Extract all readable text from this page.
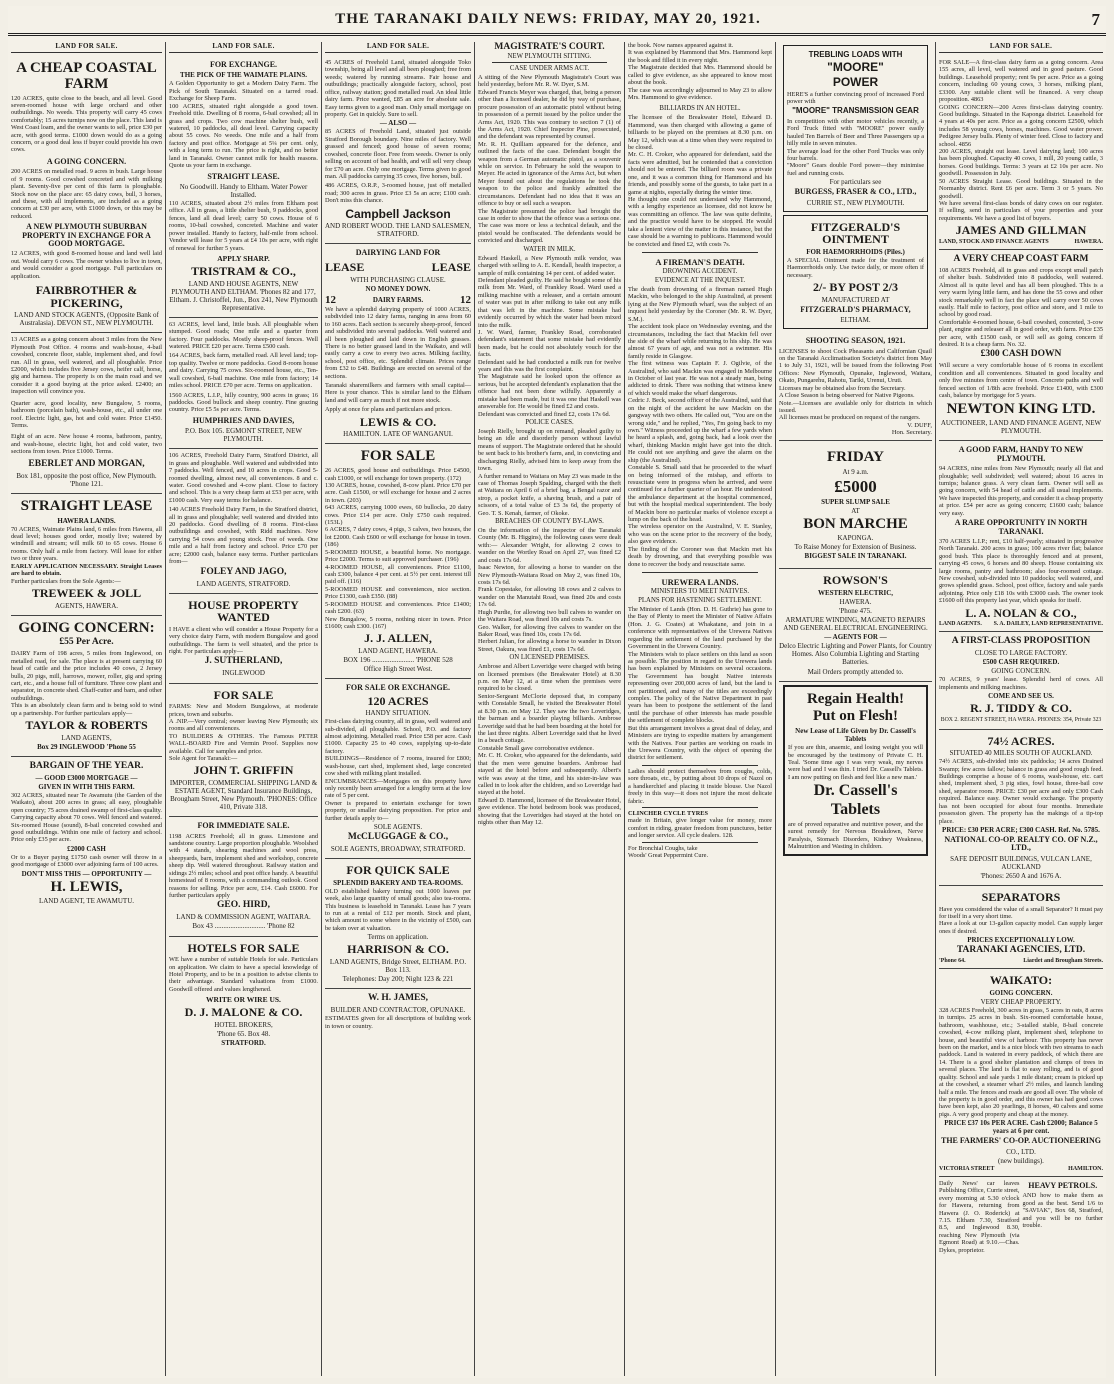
THE TARANAKI DAILY NEWS: FRIDAY, MAY 20, 1921.	7
LAND FOR SALE.
A CHEAP COASTAL FARM
120 ACRES, quite close to the beach, and all level. Good seven-roomed house with large orchard and other outbuildings. No weeds. This property will carry 45 cows comfortably; 15 acres turnips now on the place. This land is West Coast loam, and the owner wants to sell, price £30 per acre, with good terms. £1000 down would do as a going concern, or a good deal less if buyer could provide his own cows.
A GOING CONCERN.
200 ACRES on metalled road. 9 acres in bush. Large house of 9 rooms. Good cowshed concreted and with milking plant. Seventy-five per cent of this farm is ploughable. Stock now on the place are: 65 dairy cows, bull, 3 horses, and these, with all implements, are included as a going concern at £30 per acre, with £1000 down, or this may be reduced.
A NEW PLYMOUTH SUBURBAN PROPERTY IN EXCHANGE FOR A GOOD MORTGAGE.
12 ACRES, with good 8-roomed house and land well laid out. Would carry 6 cows. The owner wishes to live in town, and would consider a good mortgage. Full particulars on application.
FAIRBROTHER & PICKERING,
LAND AND STOCK AGENTS, (Opposite Bank of Australasia). DEVON ST., NEW PLYMOUTH.
13 ACRES as a going concern about 3 miles from the New Plymouth Post Office. 4 rooms and wash-house, 4-bail cowshed, concrete floor, stable, implement shed, and fowl run. All in grass, well watered, and all ploughable. Price £2000, which includes five Jersey cows, heifer calf, horse, gig and harness. The property is on the main road and we consider it a good buying at the price asked. £2400; an inspection will convince you.
Quarter acre, good locality, new Bungalow, 5 rooms, bathroom (porcelain bath), wash-house, etc., all under one roof. Electric light, gas, hot and cold water. Price £1450. Terms.
Eight of an acre. New house 4 rooms, bathroom, pantry, and wash-house, electric light, hot and cold water, two sections from town. Price £1000. Terms.
EBERLET AND MORGAN,
Box 181, opposite the post office, New Plymouth. 'Phone 121.
STRAIGHT LEASE
HAWERA LANDS.
70 ACRES, Waimate Plains land, 6 miles from Hawera, all dead level; houses good order, mostly live; watered by windmill and stream; will milk 60 to 65 cows. House 6 rooms. Only half a mile from factory. Will lease for either two or three years.
EARLY APPLICATION NECESSARY. Straight Leases are hard to obtain.
Further particulars from the Sole Agents:—
TREWEEK & JOLL
AGENTS, HAWERA.
GOING CONCERN:
£55 Per Acre.
DAIRY Farm of 198 acres, 5 miles from Inglewood, on metalled road, for sale. The place is at present carrying 60 head of cattle and the price includes 40 cows, 2 Jersey bulls, 20 pigs, mill, harrows, mower, roller, gig and spring cart, etc., and a house full of furniture. Three cow plant and separator, in concrete shed. Chaff-cutter and barn, and other outbuildings.
This is an absolutely clean farm and is being sold to wind up a partnership. For further particulars apply—
TAYLOR & ROBERTS
LAND AGENTS,
Box 29 INGLEWOOD 'Phone 55
BARGAIN OF THE YEAR.
— GOOD £3000 MORTGAGE —
GIVEN IN WITH THIS FARM.
302 ACRES, situated near Te Awamutu (the Garden of the Waikato), about 200 acres in grass; all easy, ploughable open country; 75 acres drained swamp of first-class quality. Carrying capacity about 70 cows. Well fenced and watered. Six-roomed House (sound), 8-bail concreted cowshed and good outbuildings. Within one mile of factory and school. Price only £35 per acre.
£2000 CASH
Or to a Buyer paying £1750 cash owner will throw in a good mortgage of £3000 over adjoining farm of 100 acres.
DON'T MISS THIS — OPPORTUNITY —
H. LEWIS,
LAND AGENT, TE AWAMUTU.
LAND FOR SALE.
FOR EXCHANGE.
THE PICK OF THE WAIMATE PLAINS.
A Golden Opportunity to get a Modern Dairy Farm. The Pick of South Taranaki. Situated on a tarred road. Exchange for Sheep Farm.
100 ACRES, situated right alongside a good town. Freehold title. Dwelling of 8 rooms, 6-bail cowshed; all in grass and crops. Two cow machine shelter bush, well watered, 10 paddocks, all dead level. Carrying capacity about 55 cows. No weeds. One mile and a half from factory and post office. Mortgage at 5¼ per cent. only, with a long term to run. The price is right, and no better land in Taranaki. Owner cannot milk for health reasons. Quote us your farm in exchange.
STRAIGHT LEASE.
No Goodwill. Handy to Eltham. Water Power Installed.
110 ACRES, situated about 2½ miles from Eltham post office. All in grass, a little shelter bush, 9 paddocks, good fences, land all dead level; carry 50 cows. House of 6 rooms, 10-bail cowshed, concreted. Machine and water power installed. Handy to factory, half-mile from school. Vendor will lease for 5 years at £4 10s per acre, with right of renewal for further 5 years.
APPLY SHARP.
TRISTRAM & CO.,
LAND AND HOUSE AGENTS, NEW PLYMOUTH AND ELTHAM. 'Phones 82 and 177, Eltham. J. Christoffel, Jun., Box 241, New Plymouth Representative.
63 ACRES, level land, little bush. All ploughable when stumped. Good roads; One mile and a quarter from factory. Four paddocks. Mostly sheep-proof fences. Well watered. PRICE £20 per acre. Terms £500 cash.
164 ACRES, back farm, metalled road. All level land; top-top quality. Twelve or more paddocks. Good 8-room house and dairy. Carrying 75 cows. Six-roomed house, etc., Ten-wall cowshed, 6-bail machine. One mile from factory; 14 miles school. PRICE £70 per acre. Terms on application.
1560 ACRES, L.I.P., hilly country, 900 acres in grass; 16 paddocks. Good bullock and sheep country. Fine grazing country. Price £5 5s per acre. Terms.
HUMPHRIES AND DAVIES,
P.O. Box 105. EGMONT STREET, NEW PLYMOUTH.
106 ACRES, Freehold Dairy Farm, Stratford District, all in grass and ploughable. Well watered and subdivided into 7 paddocks. Well fenced, and 10 acres in crops. Good 5-roomed dwelling, almost new, all conveniences. 8 and c. water. Good cowshed and 4-cow plant. Close to factory and school. This is a very cheap farm at £53 per acre, with £1000 cash. Very easy terms for balance.
140 ACRES Freehold Dairy Farm, in the Stratford district, all in grass and ploughable; well watered and divided into 20 paddocks. Good dwelling of 8 rooms. First-class outbuildings and cowshed, with Ridd machines. Now carrying 54 cows and young stock. Free of weeds. One mile and a half from factory and school. Price £70 per acre; £2000 cash, balance easy terms. Further particulars from—
FOLEY AND JAGO,
LAND AGENTS, STRATFORD.
HOUSE PROPERTY WANTED
I HAVE a client who will consider a House Property for a very choice dairy Farm, with modern Bungalow and good outbuildings. The farm is well situated, and the price is right. For particulars apply—
J. SUTHERLAND,
INGLEWOOD
FOR SALE
FARMS: New and Modern Bungalows, at moderate prices, town and suburbs.
A .NIP.—Very central; owner leaving New Plymouth; six rooms and all conveniences.
TO BUILDERS & OTHERS. The Famous PETER WALL-BOARD Fire and Vermin Proof. Supplies now available. Call for samples and price.
Sole Agent for Taranaki:—
JOHN T. GRIFFIN
IMPORTER, COMMERCIAL SHIPPING LAND & ESTATE AGENT, Standard Insurance Buildings, Brougham Street, New Plymouth. 'PHONES: Office 410, Private 318.
FOR IMMEDIATE SALE.
1198 ACRES Freehold; all in grass. Limestone and sandstone country. Large proportion ploughable. Woolshed with 4 stands, shearing machines and wool press, sheepyards, barn, implement shed and workshop, concrete sheep dip. Well watered throughout. Railway station and sidings 2½ miles; school and post office handy. A beautiful homestead of 8 rooms, with a commanding outlook. Good reasons for selling. Price per acre, £14. Cash £6000. For further particulars apply
GEO. HIRD,
LAND & COMMISSION AGENT, WAITARA.
Box 43 ............................. 'Phone 82
HOTELS FOR SALE
WE have a number of suitable Hotels for sale. Particulars on application. We claim to have a special knowledge of Hotel Property, and to be in a position to advise clients to their advantage. Standard valuations from £1000. Goodwill offered and values lengthened.
WRITE OR WIRE US.
D. J. MALONE & CO.
HOTEL BROKERS,
'Phone 65. Box 48.
STRATFORD.
LAND FOR SALE.
45 ACRES of Freehold Land, situated alongside Toko township, being all level and all been ploughed; free from weeds; watered by running streams. Fair house and outbuildings; practically alongside factory, school, post office, railway station; good metalled road. An ideal little dairy farm. Price wanted, £85 an acre for absolute sale. Easy terms given to a good man. Only small mortgage on property. Get in quickly. Sure to sell.
— ALSO —
85 ACRES of Freehold Land, situated just outside Stratford Borough boundary. Nine miles of factory. Well grassed and fenced; good house of seven rooms; cowshed, concrete floor. Free from weeds. Owner is only selling on account of bad health, and will sell very cheap for £70 an acre. Only one mortgage. Terms given to good man. All paddocks carrying 35 cows, five horses, bull.
486 ACRES, O.R.P., 3-roomed house, just off metalled road; 300 acres in grass. Price £3 5s an acre; £100 cash. Don't miss this chance.
Campbell Jackson
AND ROBERT WOOD. THE LAND SALESMEN, STRATFORD.
DAIRYING LAND FOR
LEASE	LEASE
WITH PURCHASING CLAUSE.
NO MONEY DOWN.
12	DAIRY FARMS.	12
We have a splendid dairying property of 1000 ACRES, subdivided into 12 dairy farms, ranging in area from 60 to 160 acres. Each section is securely sheep-proof, fenced and subdivided into several paddocks. Well watered and all been ploughed and laid down in English grasses. There is no better grassed land in the Waikato, and will easily carry a cow to every two acres. Milking facility, school, post office, etc. Splendid climate. Prices range from £32 to £48. Buildings are erected on several of the sections.
Taranaki sharemilkers and farmers with small capital—Here is your chance. This is similar land to the Eltham land and will carry as much if not more stock.
Apply at once for plans and particulars and prices.
LEWIS & CO.
HAMILTON. LATE OF WANGANUI.
FOR SALE
26 ACRES, good house and outbuildings. Price £4500, cash £1000, or will exchange for town property. (172)
130 ACRES, house, cowshed, 8-cow plant. Price £70 per acre. Cash £1500, or will exchange for house and 2 acres in town. (203)
643 ACRES, carrying 1000 ewes, 60 bullocks, 20 dairy cows. Price £14 per acre. Only £750 cash required. (153L)
6 ACRES, 7 dairy cows, 4 pigs, 3 calves, two houses, the lot £2000. Cash £600 or will exchange for house in town. (186)
5-ROOMED HOUSE, a beautiful home. No mortgage. Price £2000. Terms to suit approved purchaser. (196)
4-ROOMED HOUSE, all conveniences. Price £1100, cash £300, balance 4 per cent. at 5½ per cent. interest till paid off. (116)
5-ROOMED HOUSE and conveniences, nice section. Price £1300, cash £350. (88)
5-ROOMED HOUSE and conveniences. Price £1400; cash £200. (63)
New Bungalow, 5 rooms, nothing nicer in town. Price £1600; cash £300. (167)
J. J. ALLEN,
LAND AGENT, HAWERA.
BOX 196 ........................ 'PHONE 528
Office High Street West.
FOR SALE OR EXCHANGE.
120 ACRES
HANDY SITUATION.
First-class dairying country, all in grass, well watered and sub-divided, all ploughable. School, P.O. and factory almost adjoining. Metalled road. Price £58 per acre. Cash £1000. Capacity 25 to 40 cows, supplying up-to-date factory.
BUILDINGS—Residence of 7 rooms, insured for £800; wash-house, cart shed, implement shed, large concreted cow shed with milking plant installed.
ENCUMBRANCES—Mortgages on this property have only recently been arranged for a lengthy term at the low rate of 5 per cent.
Owner is prepared to entertain exchange for town property, or smaller dairying proposition. For price and further details apply to—
SOLE AGENTS.
McCLUGGAGE & CO.,
SOLE AGENTS, BROADWAY, STRATFORD.
FOR QUICK SALE
SPLENDID BAKERY AND TEA-ROOMS.
OLD established bakery turning out 1000 loaves per week, also large quantity of small goods; also tea-rooms. This business is leasehold in Taranaki. Lease has 7 years to run at a rental of £12 per month. Stock and plant, which amount to some where in the vicinity of £500, can be taken over at valuation.
Terms on application.
HARRISON & CO.
LAND AGENTS, Bridge Street, ELTHAM. P.O. Box 113.
Telephones: Day 200; Night 123 & 221
W. H. JAMES,
BUILDER AND CONTRACTOR, OPUNAKE.
ESTIMATES given for all descriptions of building work in town or country.
MAGISTRATE'S COURT.
NEW PLYMOUTH SITTING.
CASE UNDER ARMS ACT.
A sitting of the New Plymouth Magistrate's Court was held yesterday, before Mr. R. W. Dyer, S.M.
Edward Francis Meyer was charged, that, being a person other than a licensed dealer, he did by way of purchase, procure possession of an automatic pistol without being in possession of a permit issued by the police under the Arms Act, 1920. This was contrary to section 7 (1) of the Arms Act, 1920. Chief Inspector Pine, prosecuted, and the defendant was represented by counsel.
Mr. R. H. Quilliam appeared for the defence, and outlined the facts of the case. Defendant bought the weapon from a German automatic pistol, as a souvenir while on service. In February he sold the weapon to Meyer. He acted in ignorance of the Arms Act, but when Meyer found out about the regulations he took the weapon to the police and frankly admitted the circumstances. Defendant had no idea that it was an offence to buy or sell such a weapon.
The Magistrate presumed the police had brought the case in order to show that the offence was a serious one. The case was more or less a technical default, and the pistol would be confiscated. The defendants would be convicted and discharged.
WATER IN MILK.
Edward Haskell, a New Plymouth milk vendor, was charged with selling to A. E. Kendall, health inspector, a sample of milk containing 14 per cent. of added water.
Defendant pleaded guilty. He said he bought some of his milk from Mr. Ward, of Frankley Road. Ward used a milking machine with a releaser, and a certain amount of water was put in after milking to take out any milk that was left in the machine. Some mistake had evidently occurred by which the water had been mixed into the milk.
J. W. Ward, farmer, Frankley Road, corroborated defendant's statement that some mistake had evidently been made, but he could not absolutely vouch for the facts.
Defendant said he had conducted a milk run for twelve years and this was the first complaint.
The Magistrate said he looked upon the offence as serious, but he accepted defendant's explanation that the offence had not been done wilfully. Apparently a mistake had been made, but it was one that Haskell was answerable for. He would be fined £2 and costs.
Defendant was convicted and fined £2, costs 17s 6d.
POLICE CASES.
Joseph Rielly, brought up on remand, pleaded guilty to being an idle and disorderly person without lawful means of support. The Magistrate ordered that he should be sent back to his brother's farm, and, in convicting and discharging Rielly, advised him to keep away from the town.
A further remand to Waitara on May 23 was made in the case of Thomas Joseph Spalding, charged with the theft at Waitara on April 6 of a brief bag, a Bengal razor and strop, a pocket knife, a shaving brush, and a pair of scissors, of a total value of £3 3s 6d, the property of Geo. T. S. Kenah, farmer, of Okoke.
BREACHES OF COUNTY BY-LAWS.
On the information of the inspector of the Taranaki County (Mr. B. Higgins), the following cases were dealt with:— Alexander Wright, for allowing 2 cows to wander on the Wortley Road on April 27, was fined £2 and costs 17s 6d.
Isaac Newton, for allowing a horse to wander on the New Plymouth-Waitara Road on May 2, was fined 10s, costs 17s 6d.
Frank Copestake, for allowing 18 cows and 2 calves to wander on the Manutahi Road, was fined 20s and costs 17s 6d.
Hugh Purdie, for allowing two bull calves to wander on the Waitara Road, was fined 10s and costs 7s.
Geo. Walker, for allowing five calves to wander on the Baker Road, was fined 10s, costs 17s 6d.
Herbert Julian, for allowing a horse to wander in Dixon Street, Oakura, was fined £1, costs 17s 6d.
ON LICENSED PREMISES.
Ambrose and Albert Loveridge were charged with being on licensed premises (the Breakwater Hotel) at 8.30 p.m. on May 12, at a time when the premises were required to be closed.
Senior-Sergeant McClorie deposed that, in company with Constable Small, he visited the Breakwater Hotel at 8.30 p.m. on May 12. They saw the two Loveridges, the barman and a boarder playing billiards. Ambrose Loveridge said that he had been boarding at the hotel for the last three nights. Albert Loveridge said that he lived in a beach cottage.
Constable Small gave corroborative evidence.
Mr. C. H. Croker, who appeared for the defendants, said that the men were genuine boarders. Ambrose had stayed at the hotel before and subsequently. Albert's wife was away at the time, and his sister-in-law was called in to look after the children, and so Loveridge had stayed at the hotel.
Edward D. Hammond, licensee of the Breakwater Hotel, gave evidence. The hotel bedroom book was produced, showing that the Loveridges had stayed at the hotel on nights other than May 12.
the book. Now names appeared against it.
It was explained by Hammond that Mrs. Hammond kept the book and filled it in every night.
The Magistrate decided that Mrs. Hammond should be called to give evidence, as she appeared to know most about the book.
The case was accordingly adjourned to May 23 to allow Mrs. Hammond to give evidence.
BILLIARDS IN AN HOTEL.
The licensee of the Breakwater Hotel, Edward D. Hammond, was then charged with allowing a game of billiards to be played on the premises at 8.30 p.m. on May 12, which was at a time when they were required to be closed.
Mr. C. H. Croker, who appeared for defendant, said the facts were admitted, but he contended that a conviction should not be entered. The billiard room was a private one, and it was a common thing for Hammond and his friends, and possibly some of the guests, to take part in a game at nights, especially during the winter time.
He thought one could not understand why Hammond, with a lengthy experience as licensee, did not know he was committing an offence. The law was quite definite, and the practice would have to be stopped. He would take a lenient view of the matter in this instance, but the case should be a warning to publicans. Hammond would be convicted and fined £2, with costs 7s.
A FIREMAN'S DEATH.
DROWNING ACCIDENT.
EVIDENCE AT THE INQUEST.
The death from drowning of a fireman named Hugh Mackin, who belonged to the ship Australind, at present lying at the New Plymouth wharf, was the subject of an inquest held yesterday by the Coroner (Mr. R. W. Dyer, S.M.).
The accident took place on Wednesday evening, and the circumstances, including the fact that Mackin fell over the side of the wharf while returning to his ship. He was almost 67 years of age, and was not a swimmer. His family reside in Glasgow.
The first witness was Captain F. J. Ogilvie, of the Australind, who said Mackin was engaged in Melbourne in October of last year. He was not a steady man, being addicted to drink. There was nothing that witness knew of which would make the wharf dangerous.
Cedric J. Beck, second officer of the Australind, said that on the night of the accident he saw Mackin on the gangway with two others. He called out, "You are on the wrong side," and he replied, "Yes, I'm going back to my own." Witness proceeded up the wharf a few yards when he heard a splash, and, going back, had a look over the wharf, thinking Mackin might have got into the ditch. He could not see anything and gave the alarm on the ship (the Australind).
Constable S. Small said that he proceeded to the wharf on being informed of the mishap, and efforts to resuscitate were in progress when he arrived, and were continued for a further quarter of an hour. He understood the ambulance department at the hospital commenced, but with the hospital medical superintendent. The body of Mackin bore no particular marks of violence except a lump on the back of the head.
The wireless operator on the Australind, V. E. Stanley, who was on the scene prior to the recovery of the body, also gave evidence.
The finding of the Coroner was that Mackin met his death by drowning, and that everything possible was done to recover the body and resuscitate same.
UREWERA LANDS.
MINISTERS TO MEET NATIVES.
PLANS FOR HASTENING SETTLEMENT.
The Minister of Lands (Hon. D. H. Guthrie) has gone to the Bay of Plenty to meet the Minister of Native Affairs (Hon. J. G. Coates) at Whakatane, and join in a conference with representatives of the Urewera Natives regarding the settlement of the land purchased by the Government in the Urewera Country.
The Ministers wish to place settlers on this land as soon as possible. The position in regard to the Urewera lands has been explained by Ministers on several occasions. The Government has bought Native interests representing over 200,000 acres of land, but the land is not partitioned, and many of the titles are exceedingly complex. The policy of the Native Department in past years has been to postpone the settlement of the land until the purchase of other interests has made possible the settlement of complete blocks.
But this arrangement involves a great deal of delay, and Ministers are trying to expedite matters by arrangement with the Natives. Four parties are working on roads in the Urewera Country, with the object of opening the district for settlement.
Ladies should protect themselves from coughs, colds, sore throats, etc., by putting about 10 drops of Nazol on a handkerchief and placing it inside blouse. Use Nazol freely in this way—it does not injure the most delicate fabric.
CLINCHER CYCLE TYRES
made in Britain, give longer value for money, more comfort in riding, greater freedom from punctures, better and longer service. All cycle dealers. 128.
For Bronchial Coughs, take
Woods' Great Peppermint Cure.
TREBLING LOADS WITH
"MOORE"
POWER
HERE'S a further convincing proof of increased Ford power with
"MOORE" TRANSMISSION GEAR
In competition with other motor vehicles recently, a Ford Truck fitted with "MOORE" power easily hauled Ten Barrels of Beer and Three Passengers up a hilly mile in seven minutes.
The average load for the other Ford Trucks was only four barrels.
"Moore" Gears double Ford power—they minimise fuel and running costs.
For particulars see
BURGESS, FRASER & CO., LTD.,
CURRIE ST., NEW PLYMOUTH.
FITZGERALD'S OINTMENT
FOR HAEMORRHOIDS (Piles.)
A SPECIAL Ointment made for the treatment of Haemorrhoids only. Use twice daily, or more often if necessary.
2/- BY POST 2/3
MANUFACTURED AT
FITZGERALD'S PHARMACY,
ELTHAM.
SHOOTING SEASON, 1921.
LICENSES to shoot Cock Pheasants and Californian Quail on the Taranaki Acclimatisation Society's district from May 1 to July 31, 1921, will be issued from the following Post Offices: New Plymouth, Opunake, Inglewood, Waitara, Okato, Pungarehu, Rahotu, Tariki, Urenui, Uruti.
Licenses may be obtained also from the Secretary.
A Close Season is being observed for Native Pigeons.
Note.—Licenses are available only for districts in which issued.
All licenses must be produced on request of the rangers.
V. DUFF,
Hon. Secretary.
FRIDAY
At 9 a.m.
£5000
SUPER SLUMP SALE
AT
BON MARCHE
KAPONGA.
To Raise Money for Extension of Business.
BIGGEST SALE IN TARANAKI.
ROWSON'S
WESTERN ELECTRIC,
HAWERA.
'Phone 475.
ARMATURE WINDING, MAGNETO REPAIRS AND GENERAL ELECTRICAL ENGINEERING.
— AGENTS FOR —
Delco Electric Lighting and Power Plants, for Country Homes. Also Columbia Lighting and Starting Batteries.
Mail Orders promptly attended to.
Regain Health!
Put on Flesh!
New Lease of Life Given by Dr. Cassell's Tablets
If you are thin, anaemic, and losing weight you will be encouraged by the testimony of Private C. H. Teal. 'Some time ago I was very weak, my nerves were bad and I was thin. I tried Dr. Cassell's Tablets. I am now putting on flesh and feel like a new man.'
Dr. Cassell's
Tablets
are of proved reparative and nutritive power, and the surest remedy for Nervous Breakdown, Nerve Paralysis, Stomach Disorders, Kidney Weakness, Malnutrition and Wasting in children.
LAND FOR SALE.
FOR SALE—A first-class dairy farm as a going concern. Area 155 acres, all level, well watered and in good pasture. Good buildings. Leasehold property; rent 9s per acre. Price as a going concern, including 60 young cows, 3 horses, milking plant, £3300. Any suitable client will be financed. A very cheap proposition. 4863
GOING CONCERN—200 Acres first-class dairying country. Good buildings. Situated in the Kaponga district. Leasehold for 4 years at 40s per acre. Price as a going concern £2500, which includes 58 young cows, horses, machines. Good water power. Pedigree Jersey bulls. Plenty of winter feed. Close to factory and school. 4856
200 ACRES, straight out lease. Level dairying land; 100 acres has been ploughed. Capacity 40 cows, 1 mill, 20 young cattle, 3 horses. Good buildings. Terms: 3 years at £2 10s per acre. No goodwill. Possession in July.
50 ACRES Straight Lease. Good buildings. Situated in the Normanby district. Rent £6 per acre. Term 3 or 5 years. No goodwill.
We have several first-class bonds of dairy cows on our register. If selling, send in particulars of your properties and your requirements. We have a good list of buyers.
JAMES AND GILLMAN
LAND, STOCK AND FINANCE AGENTS	HAWERA.
A VERY CHEAP COAST FARM
108 ACRES Freehold, all in grass and crops except small patch of shelter bush. Subdivided into 8 paddocks, well watered. Almost all is quite level and has all been ploughed. This is a very warm lying little farm, and has done the 55 cows and other stock remarkably well in fact the place will carry over 50 cows easily. Half mile to factory, post office and store, and 1 mile to school by good road.
Comfortable 4-roomed house, 6-bail cowshed, concreted, 3-cow plant, engine and releaser all in good order, with farm. Price £35 per acre, with £1500 cash, or will sell as going concern if desired. It is a cheap farm. No. 32.
£300 CASH DOWN
Will secure a very comfortable house of 6 rooms in excellent condition and all conveniences. Situated in good locality and only five minutes from centre of town. Concrete paths and well fenced section of 1/8th acre freehold. Price £1400, with £300 cash, balance by mortgage for 5 years.
NEWTON KING LTD.
AUCTIONEER, LAND AND FINANCE AGENT, NEW PLYMOUTH.
A GOOD FARM, HANDY TO NEW PLYMOUTH.
94 ACRES, nine miles from New Plymouth; nearly all flat and ploughable; well subdivided; well watered; about 16 acres in turnips; balance grass. A very clean farm. Owner will sell as going concern, with 54 head of cattle and all usual implements. We have inspected this property, and consider it a cheap property at price. £54 per acre as going concern; £1600 cash; balance very easy.
A RARE OPPORTUNITY IN NORTH TARANAKI.
370 ACRES L.I.P.; rent, £10 half-yearly; situated in progressive North Taranaki. 200 acres in grass; 100 acres river flat; balance good bush. This place is thoroughly fenced and at present, carrying 45 cows, 6 horses and 80 sheep. House containing six large rooms, pantry and bathroom; also four-roomed cottage. New cowshed, sub-divided into 10 paddocks; well watered, and grows splendid grass. School, post office, factory and sale yards adjoining. Price only £18 10s with £3000 cash. The owner took £1600 off this property last year, which speaks for itself.
L. A. NOLAN & CO.,
LAND AGENTS. S. A. DAILEY, LAND REPRESENTATIVE.
A FIRST-CLASS PROPOSITION
CLOSE TO LARGE FACTORY.
£500 CASH REQUIRED.
GOING CONCERN.
70 ACRES, 9 years' lease. Splendid herd of cows. All implements and milking machines.
COME AND SEE US.
R. J. TIDDY & CO.
BOX 2. REGENT STREET, HA WERA. PHONES: 354, Private 323
74½ ACRES.
SITUATED 40 MILES SOUTH OF AUCKLAND.
74½ ACRES, sub-divided into six paddocks; 14 acres Drained Swamp; few acres fallow; balance in grass and good rough feed. Buildings comprise a house of 6 rooms, wash-house, etc. cart shed, implement shed, 3 pig sties, fowl house, three-bail cow shed, separator room. PRICE: £30 per acre and only £300 Cash required. Balance easy. Owner would exchange. The property has not been occupied for about four months. Immediate possession given. The property has the makings of a tip-top place.
PRICE: £30 PER ACRE; £300 CASH. Ref. No. 5785.
NATIONAL CO-OP. REALTY CO. OF N.Z., LTD.,
SAFE DEPOSIT BUILDINGS, VULCAN LANE, AUCKLAND
'Phones: 2650 A and 1676 A.
SEPARATORS
Have you considered the value of a small Separator? It must pay for itself in a very short time.
Have a look at our 13-gallon capacity model. Can supply larger ones if desired.
PRICES EXCEPTIONALLY LOW.
TARANAKI AGENCIES, LTD.
'Phone 64.	Liardet and Brougham Streets.
WAIKATO:
GOING CONCERN.
VERY CHEAP PROPERTY.
328 ACRES Freehold, 300 acres in grass, 5 acres in oats, 8 acres in turnips. 25 acres in bush. Six-roomed comfortable house, bathroom, washhouse, etc.; 3-stalled stable, 8-bail concrete cowshed, 4-cow milking plant, implement shed, telephone to house, and beautiful view of harbour. This property has never been on the market, and is a nice block with two streams to each paddock. Land is watered in every paddock, of which there are 14. There is a good shelter plantation and clumps of trees in several places. The land is flat to easy rolling, and is of good quality. School and sale yards 1 mile distant; cream is picked up at the cowshed, a steamer wharf 2½ miles, and launch landing half a mile. The fences and roads are good all over. The whole of the property is in good order, and this owner has had good cows have been kept, also 20 yearlings, 8 horses, 40 calves and some pigs. A very good property and cheap at the money.
PRICE £37 10s PER ACRE. Cash £2000; Balance 5 years at 6 per cent.
THE FARMERS' CO-OP. AUCTIONEERING
CO., LTD.
(new buildings).
VICTORIA STREET	HAMILTON.
Daily News' car leaves Publishing Office, Currie street, every morning at 5.30 o'clock for Hawera, returning from Hawera (J. O. Roderick) at 7.15. Eltham 7.30, Stratford 8.5, and Inglewood 8.30, reaching New Plymouth (via Egmont Road) at 9.10.—Chas. Dykes, proprietor.
HEAVY PETROLS.
AND how to make them as good as the best. Send 1/6 to "SAVIAK", Box 68, Stratford, and you will be no further trouble.
